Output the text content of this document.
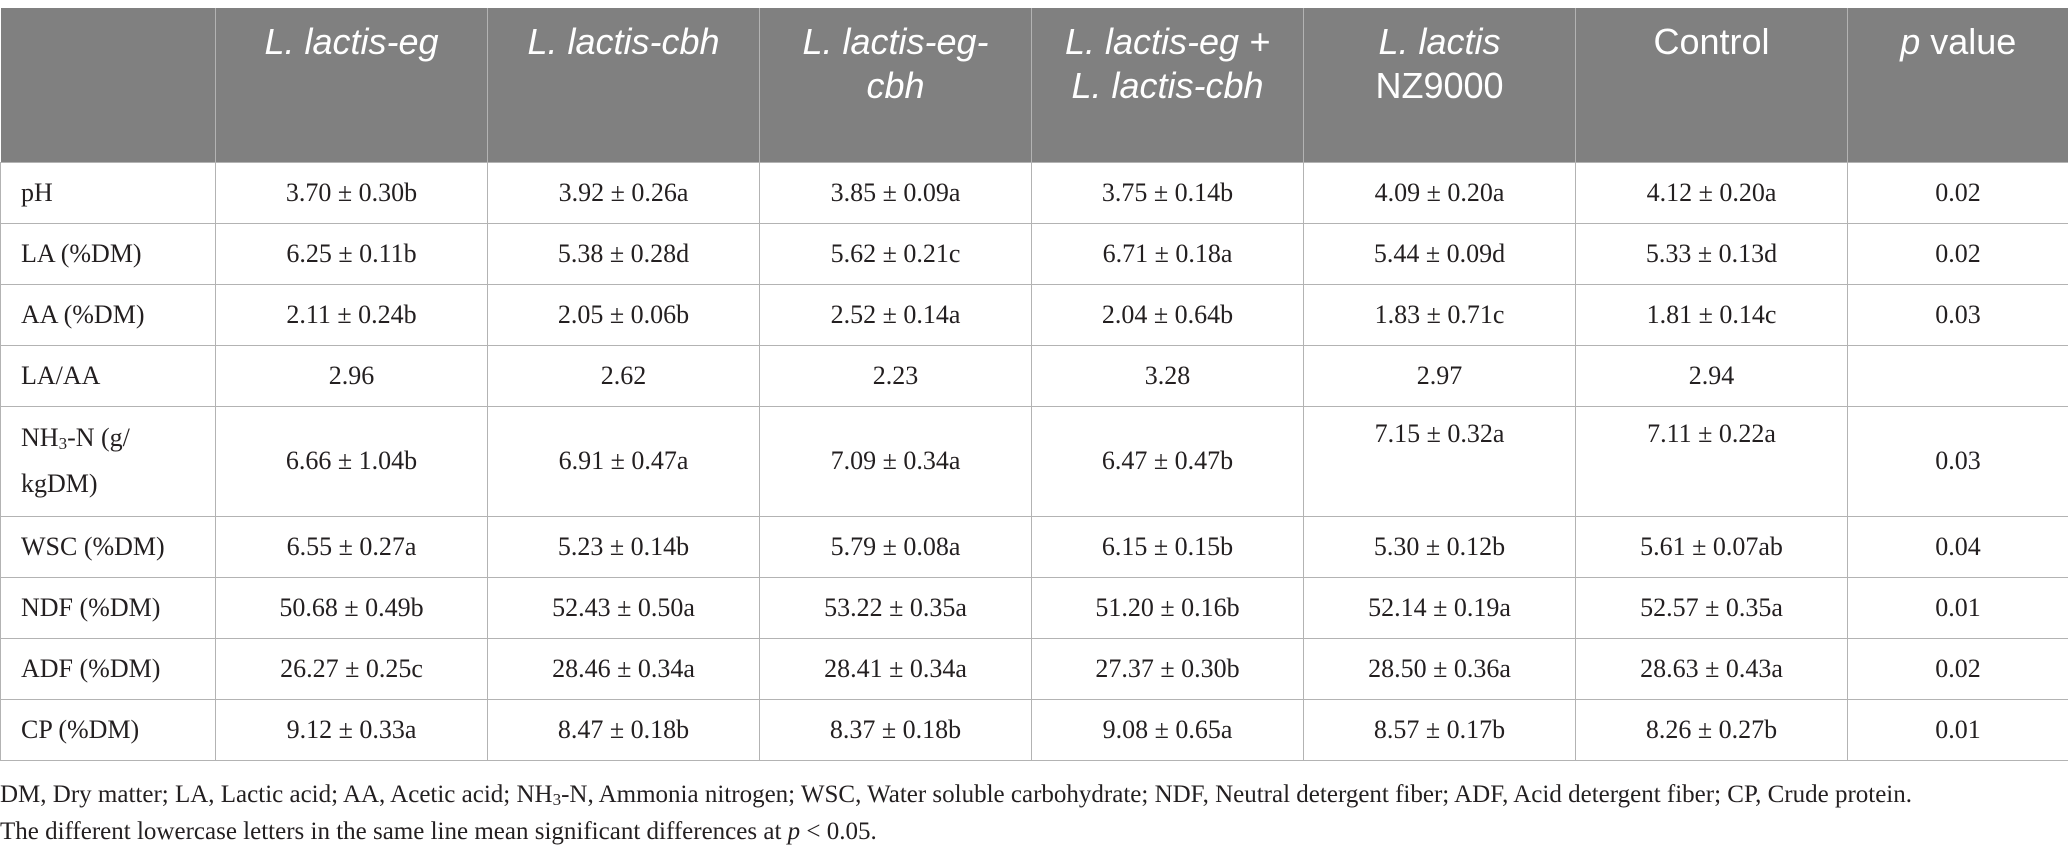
	L. lactis-eg	L. lactis-cbh	L. lactis-eg-cbh	L. lactis-eg + L. lactis-cbh	L. lactis
NZ9000	Control	p value
pH	3.70 ± 0.30b	3.92 ± 0.26a	3.85 ± 0.09a	3.75 ± 0.14b	4.09 ± 0.20a	4.12 ± 0.20a	0.02
LA (%DM)	6.25 ± 0.11b	5.38 ± 0.28d	5.62 ± 0.21c	6.71 ± 0.18a	5.44 ± 0.09d	5.33 ± 0.13d	0.02
AA (%DM)	2.11 ± 0.24b	2.05 ± 0.06b	2.52 ± 0.14a	2.04 ± 0.64b	1.83 ± 0.71c	1.81 ± 0.14c	0.03
LA/AA	2.96	2.62	2.23	3.28	2.97	2.94	
$NH_3-N$ (g/
kgDM)	6.66 ± 1.04b	6.91 ± 0.47a	7.09 ± 0.34a	6.47 ± 0.47b	7.15 ± 0.32a	7.11 ± 0.22a	0.03
WSC (%DM)	6.55 ± 0.27a	5.23 ± 0.14b	5.79 ± 0.08a	6.15 ± 0.15b	5.30 ± 0.12b	5.61 ± 0.07ab	0.04
NDF (%DM)	50.68 ± 0.49b	52.43 ± 0.50a	53.22 ± 0.35a	51.20 ± 0.16b	52.14 ± 0.19a	52.57 ± 0.35a	0.01
ADF (%DM)	26.27 ± 0.25c	28.46 ± 0.34a	28.41 ± 0.34a	27.37 ± 0.30b	28.50 ± 0.36a	28.63 ± 0.43a	0.02
CP (%DM)	9.12 ± 0.33a	8.47 ± 0.18b	8.37 ± 0.18b	9.08 ± 0.65a	8.57 ± 0.17b	8.26 ± 0.27b	0.01

DM, Dry matter; LA, Lactic acid; AA, Acetic acid; $NH_3-N$, Ammonia nitrogen; WSC, Water soluble carbohydrate; NDF, Neutral detergent fiber; ADF, Acid detergent fiber; CP, Crude protein.

The different lowercase letters in the same line mean significant differences at p < 0.05.
